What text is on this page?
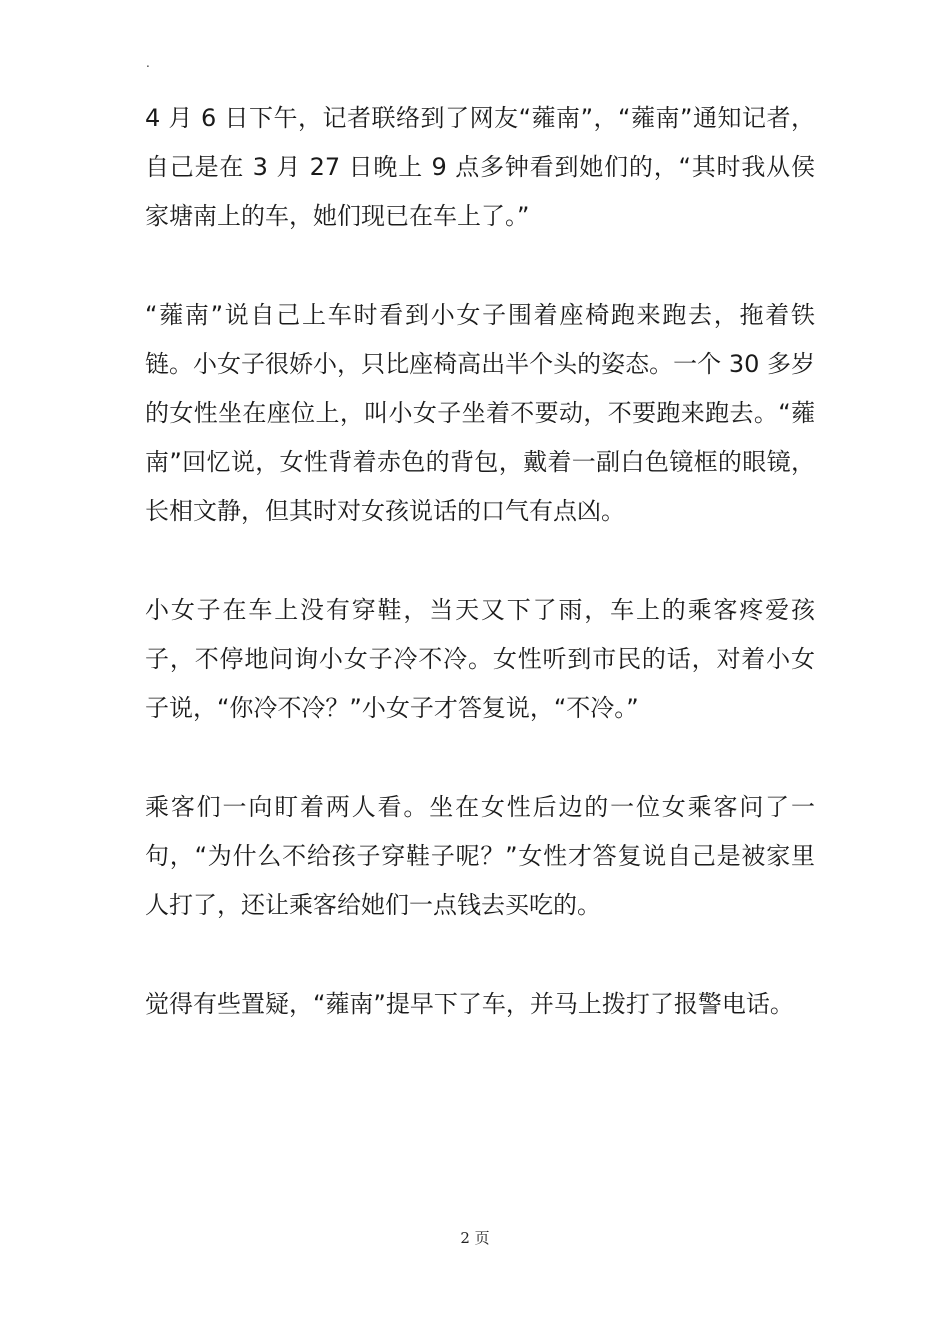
.

4 月 6 日下午，记者联络到了网友“蕹南”，“蕹南”通知记者，自己是在 3 月 27 日晚上 9 点多钟看到她们的，“其时我从侯家塘南上的车，她们现已在车上了。”

“蕹南”说自己上车时看到小女子围着座椅跑来跑去，拖着铁链。小女子很娇小，只比座椅高出半个头的姿态。一个 30 多岁的女性坐在座位上，叫小女子坐着不要动，不要跑来跑去。“蕹南”回忆说，女性背着赤色的背包，戴着一副白色镜框的眼镜，长相文静，但其时对女孩说话的口气有点凶。

小女子在车上没有穿鞋，当天又下了雨，车上的乘客疼爱孩子，不停地问询小女子冷不冷。女性听到市民的话，对着小女子说，“你冷不冷？”小女子才答复说，“不冷。”

乘客们一向盯着两人看。坐在女性后边的一位女乘客问了一句，“为什么不给孩子穿鞋子呢？”女性才答复说自己是被家里人打了，还让乘客给她们一点钱去买吃的。

觉得有些置疑，“蕹南”提早下了车，并马上拨打了报警电话。

2 页
